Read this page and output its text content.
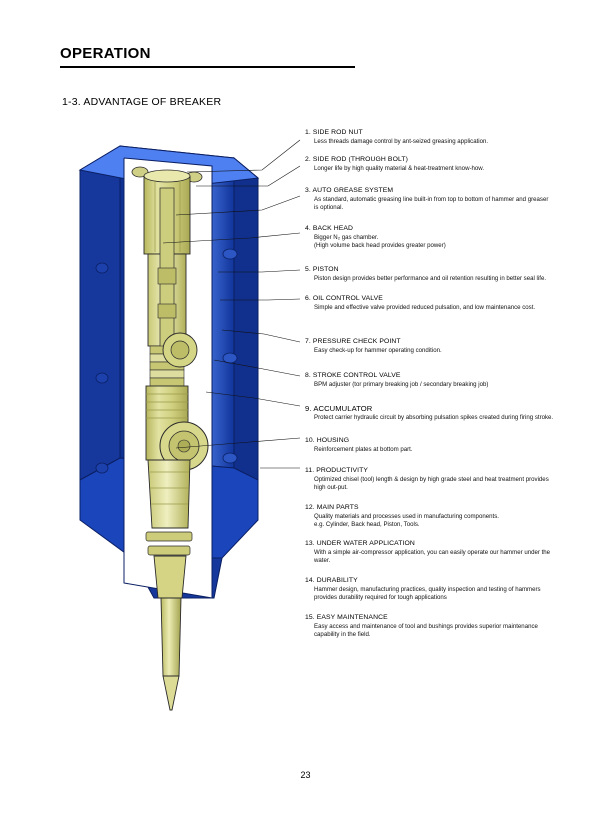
OPERATION
1-3. ADVANTAGE OF BREAKER
1. SIDE ROD NUT
Less threads damage control by ant-seized greasing application.
2. SIDE ROD (THROUGH BOLT)
Longer life by high quality material & heat-treatment know-how.
3. AUTO GREASE SYSTEM
As standard, automatic greasing line built-in from top to bottom of hammer and greaser
is optional.
4. BACK HEAD
Bigger N₂ gas chamber.
(High volume back head provides greater power)
5. PISTON
Piston design provides better performance and oil retention resulting in better seal life.
6. OIL CONTROL VALVE
Simple and effective valve provided reduced pulsation, and low maintenance cost.
7. PRESSURE CHECK POINT
Easy check-up for hammer operating condition.
8. STROKE CONTROL VALVE
BPM adjuster (tor primary breaking job / secondary breaking job)
9. ACCUMULATOR
Protect carrier hydraulic circuit by absorbing pulsation spikes created during firing stroke.
10. HOUSING
Reinforcement plates at bottom part.
11. PRODUCTIVITY
Optimized chisel (tool) length & design by high grade steel and heat treatment provides
high out-put.
12. MAIN PARTS
Quality materials and processes used in manufacturing components.
e.g. Cylinder, Back head, Piston, Tools.
13. UNDER WATER APPLICATION
With a simple air-compressor application, you can easily operate our hammer under the
water.
14. DURABILITY
Hammer design, manufacturing practices, quality inspection and testing of hammers
provides durability required for tough applications
15. EASY MAINTENANCE
Easy access and maintenance of tool and bushings provides superior maintenance
capability in the field.
23
